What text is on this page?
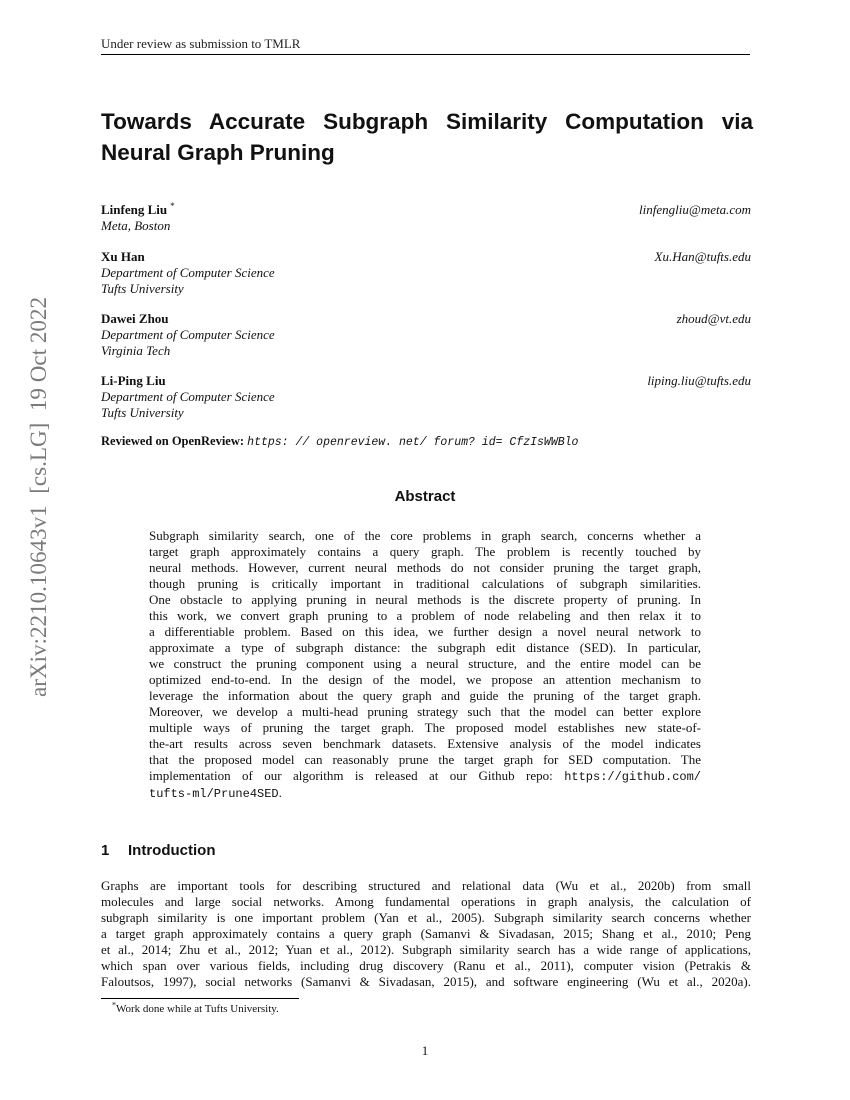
Under review as submission to TMLR
arXiv:2210.10643v1  [cs.LG]  19 Oct 2022
Towards Accurate Subgraph Similarity Computation via
Neural Graph Pruning
Linfeng Liu *
Meta, Boston
linfengliu@meta.com
Xu Han
Department of Computer Science
Tufts University
Xu.Han@tufts.edu
Dawei Zhou
Department of Computer Science
Virginia Tech
zhoud@vt.edu
Li-Ping Liu
Department of Computer Science
Tufts University
liping.liu@tufts.edu
Reviewed on OpenReview: https: // openreview. net/ forum? id= CfzIsWWBlo
Abstract
Subgraph similarity search, one of the core problems in graph search, concerns whether a
target graph approximately contains a query graph. The problem is recently touched by
neural methods. However, current neural methods do not consider pruning the target graph,
though pruning is critically important in traditional calculations of subgraph similarities.
One obstacle to applying pruning in neural methods is the discrete property of pruning. In
this work, we convert graph pruning to a problem of node relabeling and then relax it to
a differentiable problem. Based on this idea, we further design a novel neural network to
approximate a type of subgraph distance: the subgraph edit distance (SED). In particular,
we construct the pruning component using a neural structure, and the entire model can be
optimized end-to-end. In the design of the model, we propose an attention mechanism to
leverage the information about the query graph and guide the pruning of the target graph.
Moreover, we develop a multi-head pruning strategy such that the model can better explore
multiple ways of pruning the target graph. The proposed model establishes new state-of-
the-art results across seven benchmark datasets. Extensive analysis of the model indicates
that the proposed model can reasonably prune the target graph for SED computation. The
implementation of our algorithm is released at our Github repo: https://github.com/
tufts-ml/Prune4SED.
1 Introduction
Graphs are important tools for describing structured and relational data (Wu et al., 2020b) from small
molecules and large social networks. Among fundamental operations in graph analysis, the calculation of
subgraph similarity is one important problem (Yan et al., 2005). Subgraph similarity search concerns whether
a target graph approximately contains a query graph (Samanvi & Sivadasan, 2015; Shang et al., 2010; Peng
et al., 2014; Zhu et al., 2012; Yuan et al., 2012). Subgraph similarity search has a wide range of applications,
which span over various fields, including drug discovery (Ranu et al., 2011), computer vision (Petrakis &
Faloutsos, 1997), social networks (Samanvi & Sivadasan, 2015), and software engineering (Wu et al., 2020a).
*Work done while at Tufts University.
1
